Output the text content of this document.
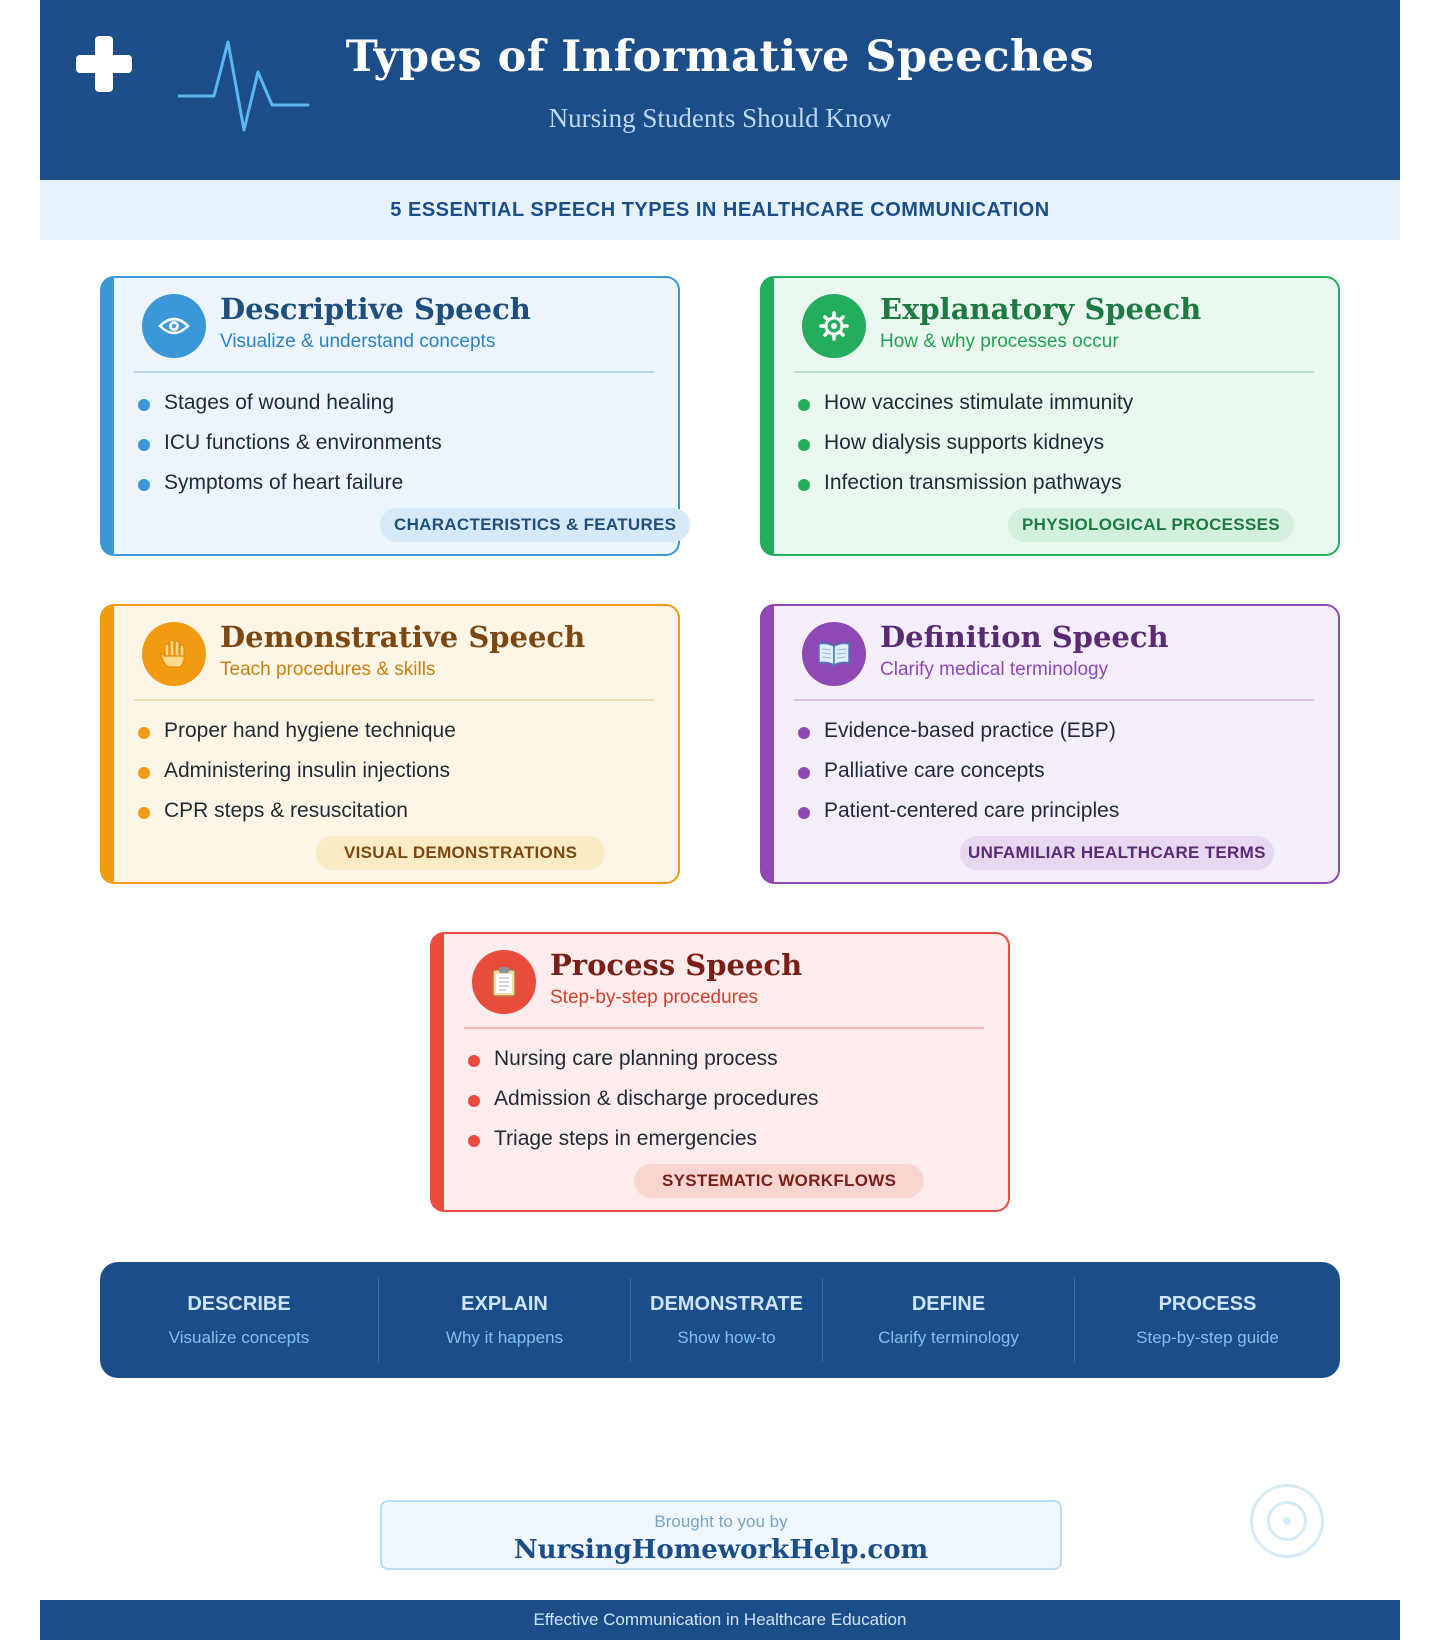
Types of Informative Speeches
Nursing Students Should Know
5 ESSENTIAL SPEECH TYPES IN HEALTHCARE COMMUNICATION
Descriptive Speech
Visualize & understand concepts
Stages of wound healing
ICU functions & environments
Symptoms of heart failure
CHARACTERISTICS & FEATURES
Explanatory Speech
How & why processes occur
How vaccines stimulate immunity
How dialysis supports kidneys
Infection transmission pathways
PHYSIOLOGICAL PROCESSES
Demonstrative Speech
Teach procedures & skills
Proper hand hygiene technique
Administering insulin injections
CPR steps & resuscitation
VISUAL DEMONSTRATIONS
Definition Speech
Clarify medical terminology
Evidence-based practice (EBP)
Palliative care concepts
Patient-centered care principles
UNFAMILIAR HEALTHCARE TERMS
Process Speech
Step-by-step procedures
Nursing care planning process
Admission & discharge procedures
Triage steps in emergencies
SYSTEMATIC WORKFLOWS
DESCRIBE
Visualize concepts
EXPLAIN
Why it happens
DEMONSTRATE
Show how-to
DEFINE
Clarify terminology
PROCESS
Step-by-step guide
Brought to you by
NursingHomeworkHelp.com
Effective Communication in Healthcare Education
